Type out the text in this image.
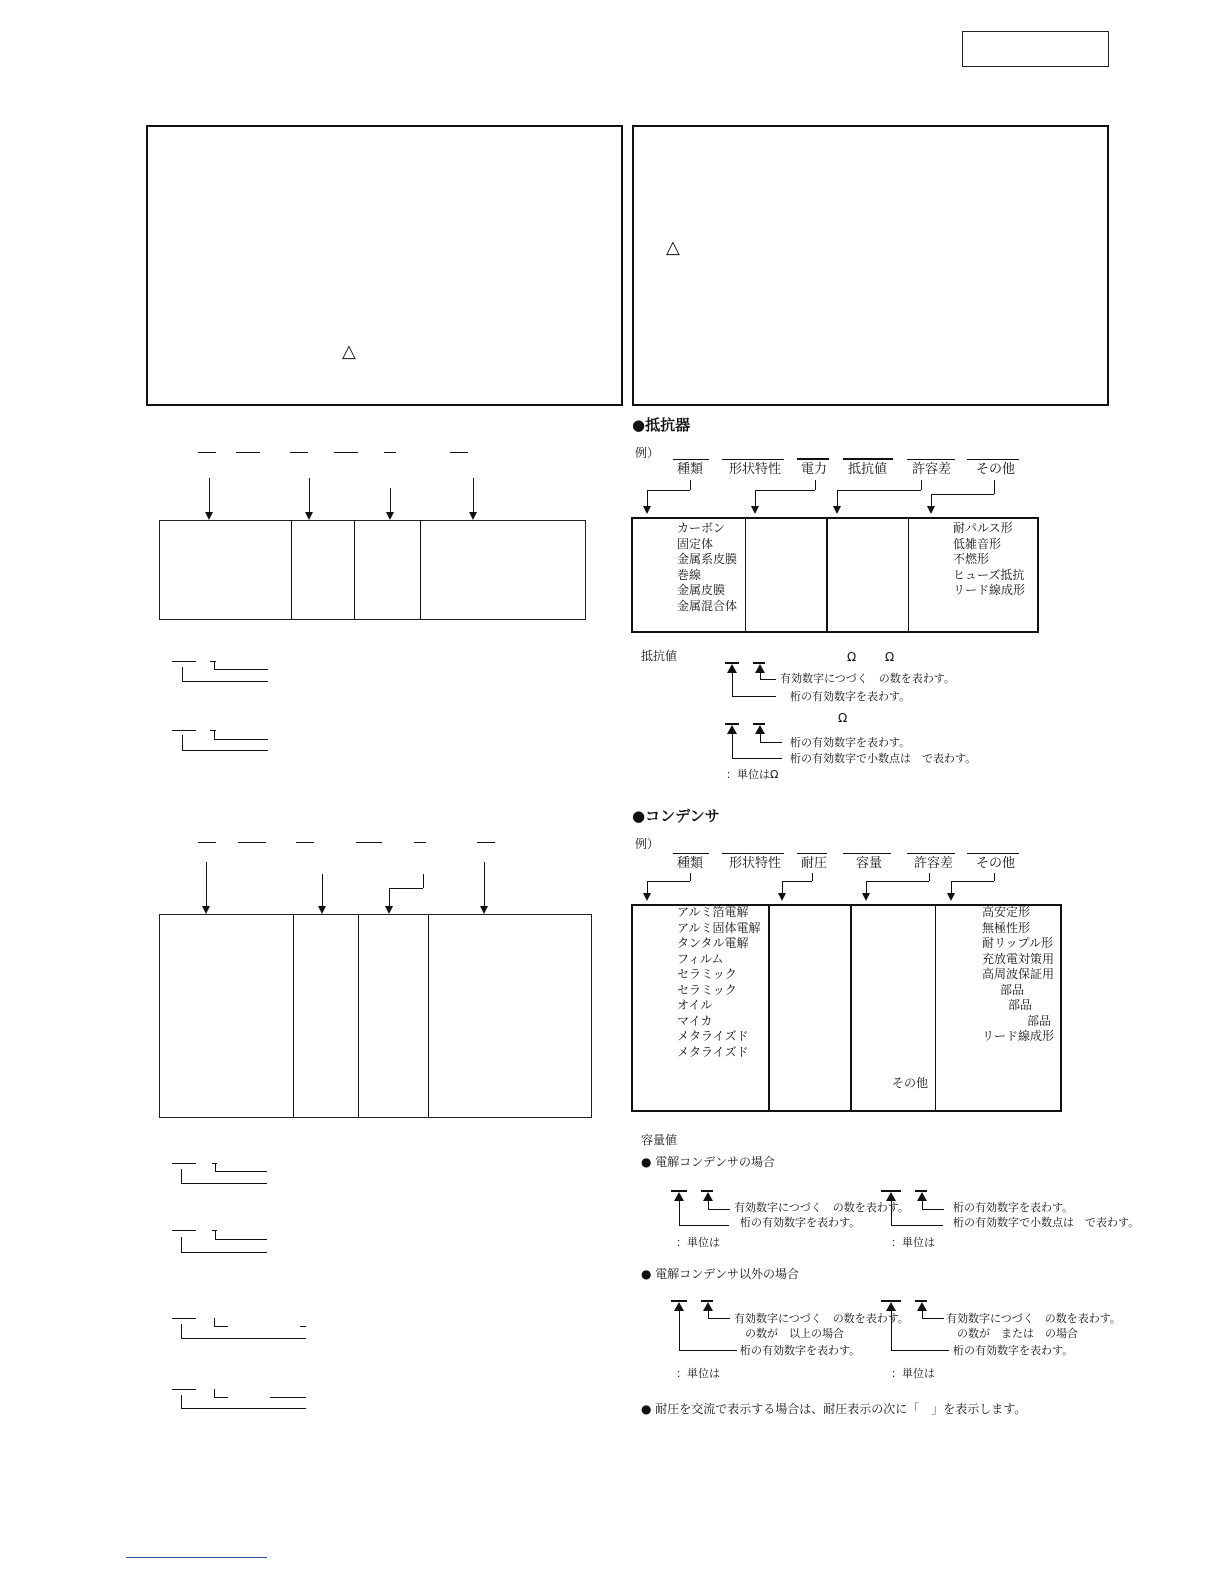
△
△
●抵抗器
例）
種類 形状特性 電力 抵抗値 許容差 その他
カーボン
固定体
金属系皮膜
巻線
金属皮膜
金属混合体
耐パルス形
低雑音形
不燃形
ヒューズ抵抗
リード線成形
抵抗値	Ω Ω
有効数字につづく　の数を表わす。
桁の有効数字を表わす。
Ω
桁の有効数字を表わす。
桁の有効数字で小数点は　で表わす。
：単位はΩ
●コンデンサ
例）
種類 形状特性 耐圧 容量 許容差 その他
アルミ箔電解
アルミ固体電解
タンタル電解
フィルム
セラミック
セラミック
オイル
マイカ
メタライズド
メタライズド
その他
高安定形
無極性形
耐リップル形
充放電対策用
高周波保証用
部品
部品
部品
リード線成形
容量値
● 電解コンデンサの場合
有効数字につづく　の数を表わす。
桁の有効数字を表わす。
：単位は
桁の有効数字を表わす。
桁の有効数字で小数点は　で表わす。
：単位は
● 電解コンデンサ以外の場合
有効数字につづく　の数を表わす。
の数が　以上の場合
桁の有効数字を表わす。
：単位は
有効数字につづく　の数を表わす。
の数が　または　の場合
桁の有効数字を表わす。
：単位は
● 耐圧を交流で表示する場合は、耐圧表示の次に「　」を表示します。
